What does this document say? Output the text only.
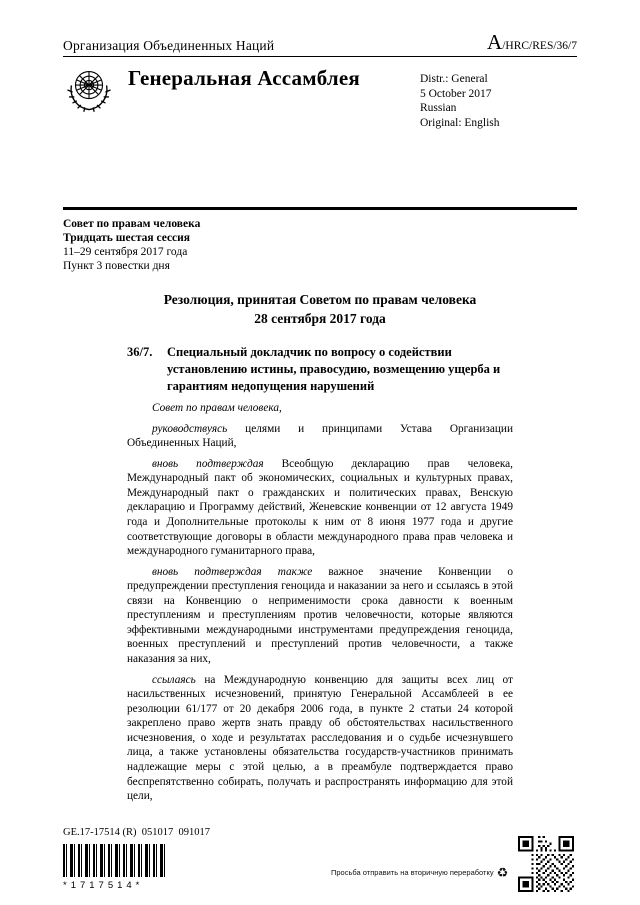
Организация Объединенных Наций	A/HRC/RES/36/7
Генеральная Ассамблея	Distr.: General
5 October 2017
Russian
Original: English
Совет по правам человека
Тридцать шестая сессия
11–29 сентября 2017 года
Пункт 3 повестки дня
Резолюция, принятая Советом по правам человека
28 сентября 2017 года
36/7. Специальный докладчик по вопросу о содействии установлению истины, правосудию, возмещению ущерба и гарантиям недопущения нарушений

Совет по правам человека,

руководствуясь целями и принципами Устава Организации Объединенных Наций,

вновь подтверждая Всеобщую декларацию прав человека, Международный пакт об экономических, социальных и культурных правах, Международный пакт о гражданских и политических правах, Венскую декларацию и Программу действий, Женевские конвенции от 12 августа 1949 года и Дополнительные протоколы к ним от 8 июня 1977 года и другие соответствующие договоры в области международного права прав человека и международного гуманитарного права,

вновь подтверждая также важное значение Конвенции о предупреждении преступления геноцида и наказании за него и ссылаясь в этой связи на Конвенцию о неприменимости срока давности к военным преступлениям и преступлениям против человечности, которые являются эффективными международными инструментами предупреждения геноцида, военных преступлений и преступлений против человечности, а также наказания за них,

ссылаясь на Международную конвенцию для защиты всех лиц от насильственных исчезновений, принятую Генеральной Ассамблеей в ее резолюции 61/177 от 20 декабря 2006 года, в пункте 2 статьи 24 которой закреплено право жертв знать правду об обстоятельствах насильственного исчезновения, о ходе и результатах расследования и о судьбе исчезнувшего лица, а также установлены обязательства государств-участников принимать надлежащие меры с этой целью, а в преамбуле подтверждается право беспрепятственно собирать, получать и распространять информацию для этой цели,

GE.17-17514 (R)  051017  091017
*1717514*
Просьба отправить на вторичную переработку ♻
